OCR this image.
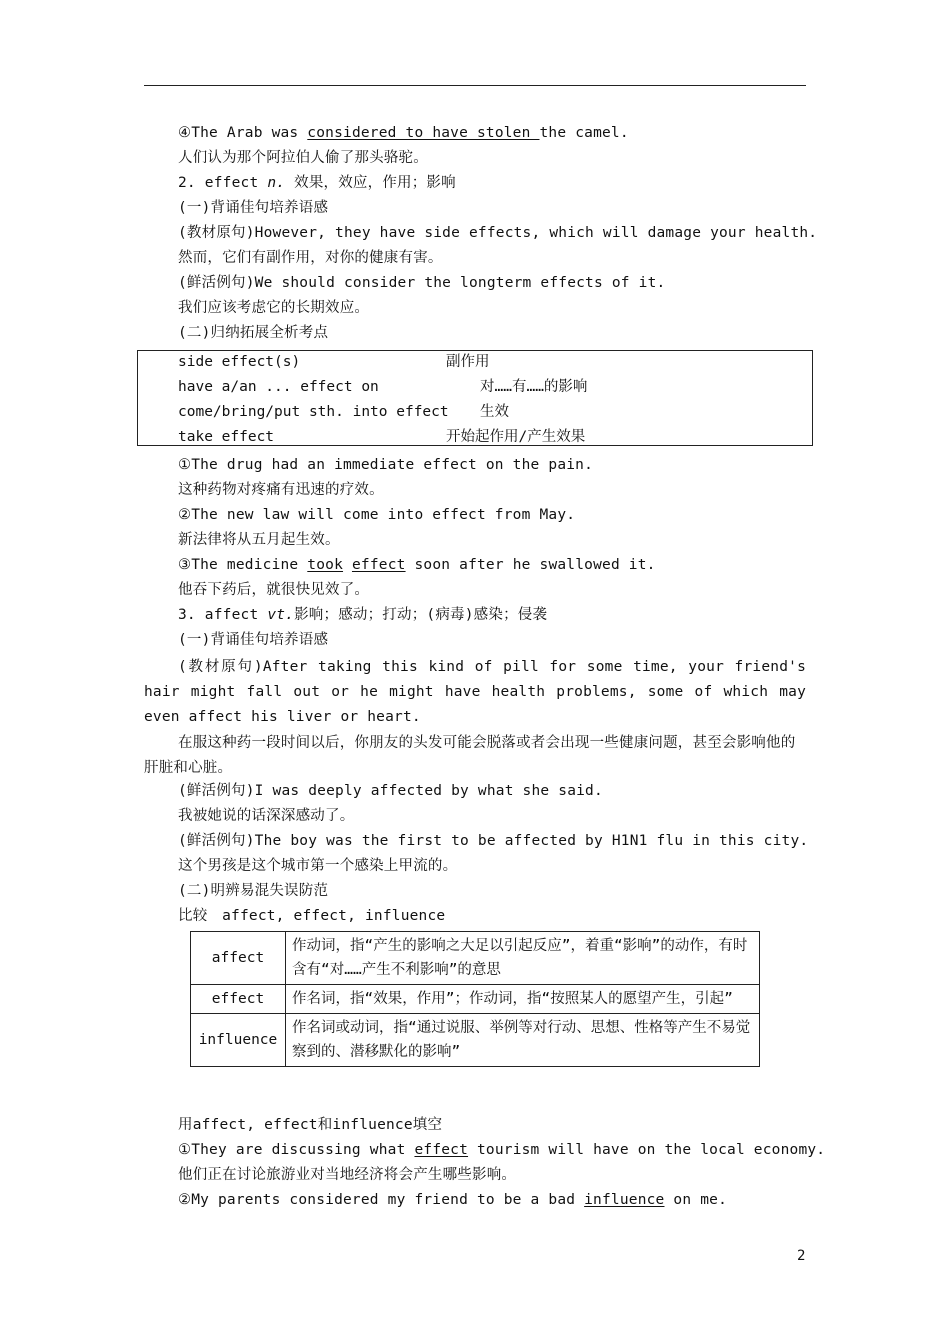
④The Arab was considered to have stolen the camel.
人们认为那个阿拉伯人偷了那头骆驼。
2. effect n. 效果，效应，作用；影响
(一)背诵佳句培养语感
(教材原句)However, they have side effects, which will damage your health.
然而，它们有副作用，对你的健康有害。
(鲜活例句)We should consider the longterm effects of it.
我们应该考虑它的长期效应。
(二)归纳拓展全析考点
side effect(s)	副作用
have a/an ... effect on	对……有……的影响
come/bring/put sth. into effect 生效
take effect	开始起作用/产生效果
①The drug had an immediate effect on the pain.
这种药物对疼痛有迅速的疗效。
②The new law will come into effect from May.
新法律将从五月起生效。
③The medicine took effect soon after he swallowed it.
他吞下药后，就很快见效了。
3. affect vt.影响；感动；打动；(病毒)感染；侵袭
(一)背诵佳句培养语感
(教材原句)After taking this kind of pill for some time, your friend's hair might fall out or he might have health problems, some of which may even affect his liver or heart.
在服这种药一段时间以后，你朋友的头发可能会脱落或者会出现一些健康问题，甚至会影响他的肝脏和心脏。
(鲜活例句)I was deeply affected by what she said.
我被她说的话深深感动了。
(鲜活例句)The boy was the first to be affected by H1N1 flu in this city.
这个男孩是这个城市第一个感染上甲流的。
(二)明辨易混失误防范
比较　affect, effect, influence
affect	作动词，指“产生的影响之大足以引起反应”，着重“影响”的动作，有时含有“对……产生不利影响”的意思
effect	作名词，指“效果，作用”；作动词，指“按照某人的愿望产生，引起”
influence	作名词或动词，指“通过说服、举例等对行动、思想、性格等产生不易觉察到的、潜移默化的影响”
用affect, effect和influence填空
①They are discussing what effect tourism will have on the local economy.
他们正在讨论旅游业对当地经济将会产生哪些影响。
②My parents considered my friend to be a bad influence on me.
2
